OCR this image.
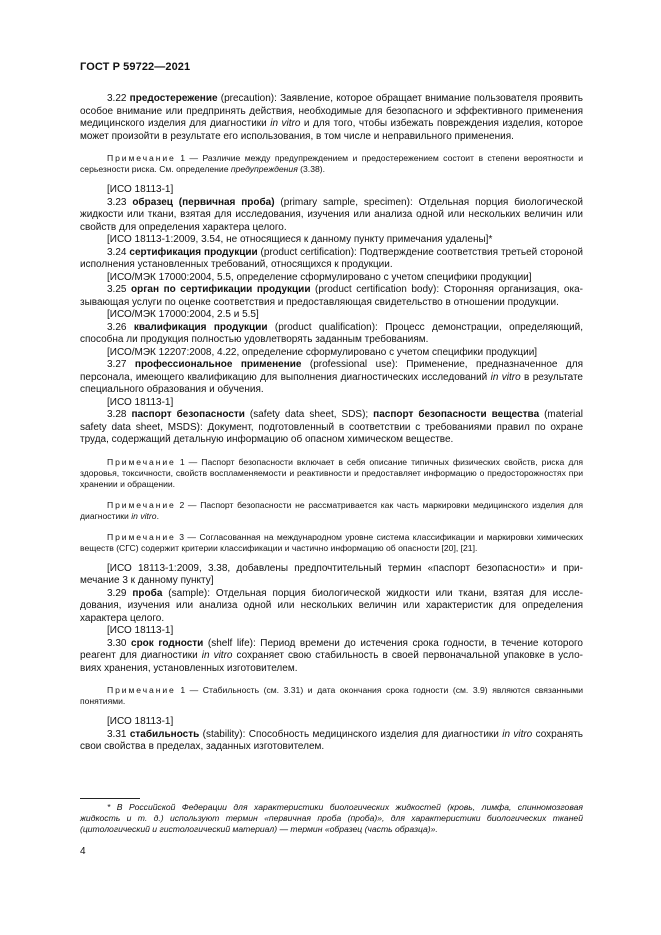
ГОСТ Р 59722—2021

3.22 предостережение (precaution): Заявление, которое обращает внимание пользователя проявить особое внимание или предпринять действия, необходимые для безопасного и эффективного применения медицинского изделия для диагностики in vitro и для того, чтобы избежать повреждения изделия, которое может произойти в результате его использования, в том числе и неправильного применения.

Примечание 1 — Различие между предупреждением и предостережением состоит в степени вероятности и серьезности риска. См. определение предупреждения (3.38).

[ИСО 18113-1]

3.23 образец (первичная проба) (primary sample, specimen): Отдельная порция биологической жидкости или ткани, взятая для исследования, изучения или анализа одной или нескольких величин или свойств для определения характера целого.

[ИСО 18113-1:2009, 3.54, не относящиеся к данному пункту примечания удалены]*

3.24 сертификация продукции (product certification): Подтверждение соответствия третьей стороной исполнения установленных требований, относящихся к продукции.

[ИСО/МЭК 17000:2004, 5.5, определение сформулировано с учетом специфики продукции]

3.25 орган по сертификации продукции (product certification body): Сторонняя организация, оказывающая услуги по оценке соответствия и предоставляющая свидетельство в отношении продукции.

[ИСО/МЭК 17000:2004, 2.5 и 5.5]

3.26 квалификация продукции (product qualification): Процесс демонстрации, определяющий, способна ли продукция полностью удовлетворять заданным требованиям.

[ИСО/МЭК 12207:2008, 4.22, определение сформулировано с учетом специфики продукции]

3.27 профессиональное применение (professional use): Применение, предназначенное для персонала, имеющего квалификацию для выполнения диагностических исследований in vitro в результате специального образования и обучения.

[ИСО 18113-1]

3.28 паспорт безопасности (safety data sheet, SDS); паспорт безопасности вещества (material safety data sheet, MSDS): Документ, подготовленный в соответствии с требованиями правил по охране труда, содержащий детальную информацию об опасном химическом веществе.

Примечание 1 — Паспорт безопасности включает в себя описание типичных физических свойств, риска для здоровья, токсичности, свойств воспламеняемости и реактивности и предоставляет информацию о предосторожностях при хранении и обращении.

Примечание 2 — Паспорт безопасности не рассматривается как часть маркировки медицинского изделия для диагностики in vitro.

Примечание 3 — Согласованная на международном уровне система классификации и маркировки химических веществ (СГС) содержит критерии классификации и частично информацию об опасности [20], [21].

[ИСО 18113-1:2009, 3.38, добавлены предпочтительный термин «паспорт безопасности» и примечание 3 к данному пункту]

3.29 проба (sample): Отдельная порция биологической жидкости или ткани, взятая для исследования, изучения или анализа одной или нескольких величин или характеристик для определения характера целого.

[ИСО 18113-1]

3.30 срок годности (shelf life): Период времени до истечения срока годности, в течение которого реагент для диагностики in vitro сохраняет свою стабильность в своей первоначальной упаковке в условиях хранения, установленных изготовителем.

Примечание 1 — Стабильность (см. 3.31) и дата окончания срока годности (см. 3.9) являются связанными понятиями.

[ИСО 18113-1]

3.31 стабильность (stability): Способность медицинского изделия для диагностики in vitro сохранять свои свойства в пределах, заданных изготовителем.

* В Российской Федерации для характеристики биологических жидкостей (кровь, лимфа, спинномозговая жидкость и т. д.) используют термин «первичная проба (проба)», для характеристики биологических тканей (цитологический и гистологический материал) — термин «образец (часть образца)».
4
